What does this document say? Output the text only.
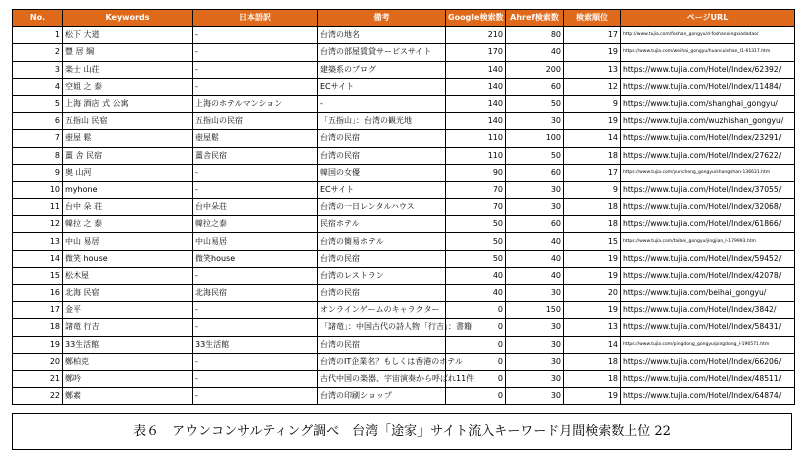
No.	Keywords	日本語訳	備考	Google検索数	Ahref検索数	検索順位	ページURL
1	松下 大道	-	台湾の地名	210	80	17	http://www.tujia.com/foshan_gongyu/d-foshanxingxiadadao/
2	豐 居 綱	-	台湾の部屋賃貸サービスサイト	170	40	19	https://www.tujia.com/weihai_gongyu/huancuishan_l1-61317.htm
3	楽士 山荘	-	建築系のブログ	140	200	13	https://www.tujia.com/Hotel/Index/62392/
4	空姐 之 泰	-	ECサイト	140	60	12	https://www.tujia.com/Hotel/Index/11484/
5	上海 酒店 式 公寓	上海のホテルマンション	-	140	50	9	https://www.tujia.com/shanghai_gongyu/
6	五指山 民宿	五指山の民宿	「五指山」：台湾の観光地	140	30	19	https://www.tujia.com/wuzhishan_gongyu/
7	壺屋 鬆	壺屋鬆	台湾の民宿	110	100	14	https://www.tujia.com/Hotel/Index/23291/
8	薑 舎 民宿	薑舎民宿	台湾の民宿	110	50	18	https://www.tujia.com/Hotel/Index/27622/
9	奥 山河	-	韓国の女優	90	60	17	https://www.tujia.com/yuncheng_gongyu/shangshan-136631.htm
10	myhone	-	ECサイト	70	30	9	https://www.tujia.com/Hotel/Index/37055/
11	台中 朵 荘	台中朵荘	台湾の一日レンタルハウス	70	30	18	https://www.tujia.com/Hotel/Index/32068/
12	韓拉 之 泰	韓拉之泰	民宿ホテル	50	60	18	https://www.tujia.com/Hotel/Index/61866/
13	中山 易居	中山易居	台湾の簡易ホテル	50	40	15	https://www.tujia.com/taibei_gongyu/jingjian_l-179993.htm
14	微笑 house	微笑house	台湾の民宿	50	40	19	https://www.tujia.com/Hotel/Index/59452/
15	松木屋	-	台湾のレストラン	40	40	19	https://www.tujia.com/Hotel/Index/42078/
16	北海 民宿	北海民宿	台湾の民宿	40	30	20	https://www.tujia.com/beihai_gongyu/
17	金平	-	オンラインゲームのキャラクター	0	150	19	https://www.tujia.com/Hotel/Index/3842/
18	諸竜 行吉	-	「諸竜」：中国古代の詩人物「行吉」：書籍	0	30	13	https://www.tujia.com/Hotel/Index/58431/
19	33生活館	33生活館	台湾の民宿	0	30	14	https://www.tujia.com/pingdong_gongyu/pingdong_l-196571.htm
20	鄭柏克	-	台湾のIT企業名？もしくは香港のホテル	0	30	18	https://www.tujia.com/Hotel/Index/66206/
21	鄭吟	-	古代中国の楽器、宇宙演奏から呼ばれ11件	0	30	18	https://www.tujia.com/Hotel/Index/48511/
22	鄭素	-	台湾の印刷ショップ	0	30	19	https://www.tujia.com/Hotel/Index/64874/
表６　アウンコンサルティング調べ　台湾「途家」サイト流入キーワード月間検索数上位 22
